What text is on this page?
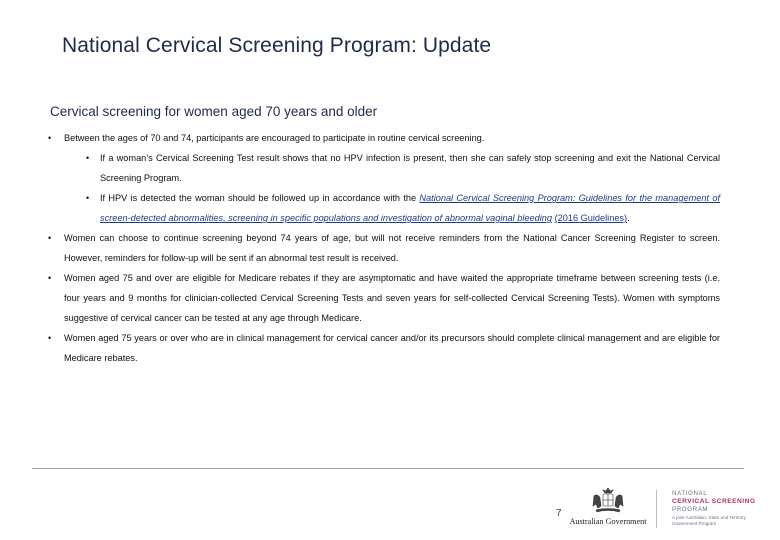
National Cervical Screening Program: Update
Cervical screening for women aged 70 years and older

• Between the ages of 70 and 74, participants are encouraged to participate in routine cervical screening.

• If a woman’s Cervical Screening Test result shows that no HPV infection is present, then she can safely stop screening and exit the National Cervical Screening Program.

• If HPV is detected the woman should be followed up in accordance with the National Cervical Screening Program: Guidelines for the management of screen-detected abnormalities, screening in specific populations and investigation of abnormal vaginal bleeding (2016 Guidelines).

• Women can choose to continue screening beyond 74 years of age, but will not receive reminders from the National Cancer Screening Register to screen. However, reminders for follow-up will be sent if an abnormal test result is received.

• Women aged 75 and over are eligible for Medicare rebates if they are asymptomatic and have waited the appropriate timeframe between screening tests (i.e. four years and 9 months for clinician-collected Cervical Screening Tests and seven years for self-collected Cervical Screening Tests). Women with symptoms suggestive of cervical cancer can be tested at any age through Medicare.

• Women aged 75 years or over who are in clinical management for cervical cancer and/or its precursors should complete clinical management and are eligible for Medicare rebates.

7
Australian Government
NATIONAL
CERVICAL SCREENING
PROGRAM
A joint Australian, State and Territory Government Program
